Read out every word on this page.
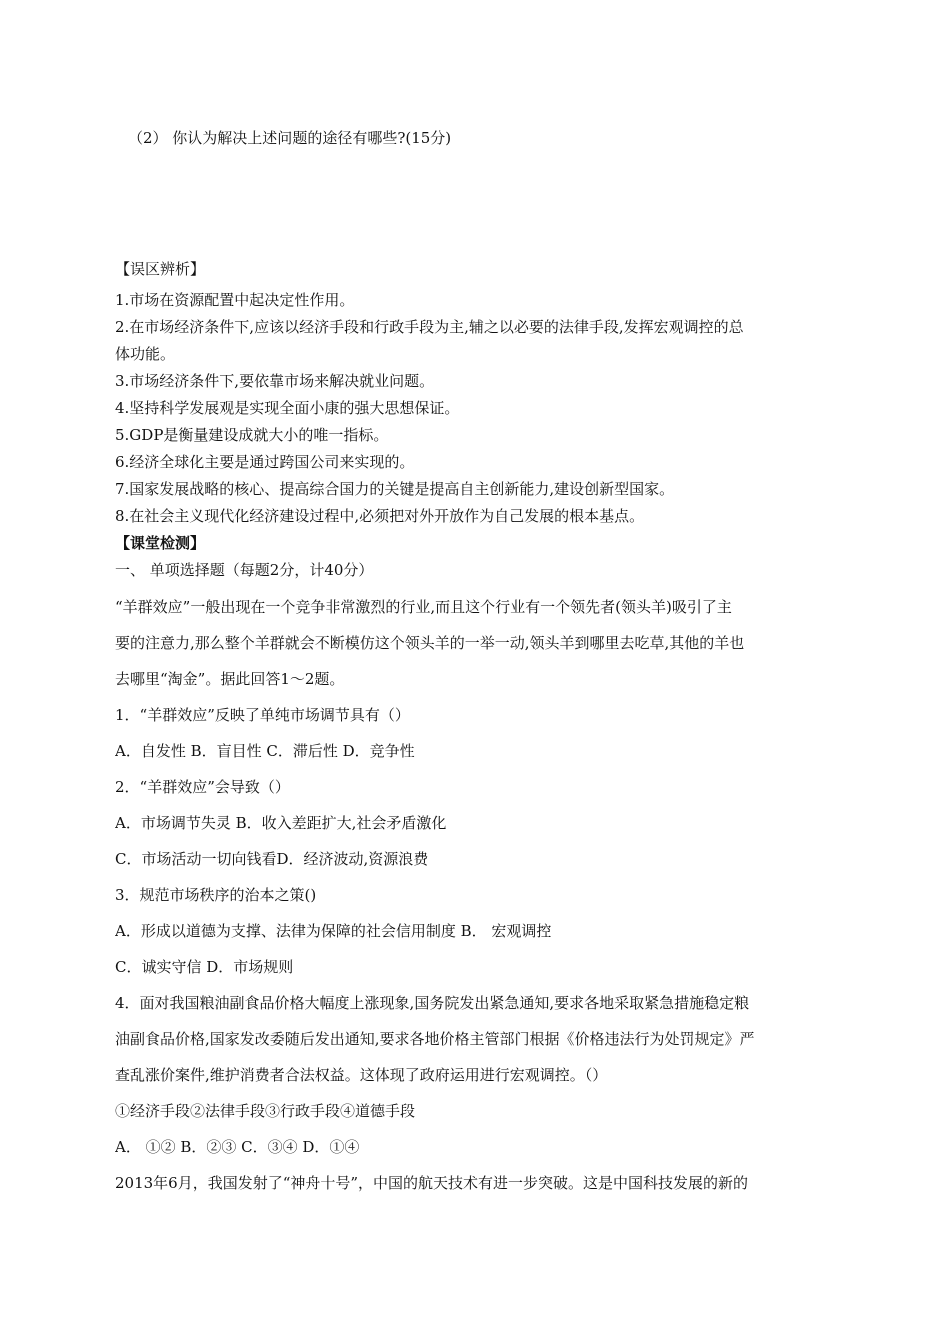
（2） 你认为解决上述问题的途径有哪些?(15分)
【误区辨析】
1.市场在资源配置中起决定性作用。
2.在市场经济条件下,应该以经济手段和行政手段为主,辅之以必要的法律手段,发挥宏观调控的总
体功能。
3.市场经济条件下,要依靠市场来解决就业问题。
4.坚持科学发展观是实现全面小康的强大思想保证。
5.GDP是衡量建设成就大小的唯一指标。
6.经济全球化主要是通过跨国公司来实现的。
7.国家发展战略的核心、提高综合国力的关键是提高自主创新能力,建设创新型国家。
8.在社会主义现代化经济建设过程中,必须把对外开放作为自己发展的根本基点。
【课堂检测】
一、 单项选择题（每题2分，计40分）
“羊群效应”一般出现在一个竞争非常激烈的行业,而且这个行业有一个领先者(领头羊)吸引了主
要的注意力,那么整个羊群就会不断模仿这个领头羊的一举一动,领头羊到哪里去吃草,其他的羊也
去哪里“淘金”。据此回答1～2题。
1．“羊群效应”反映了单纯市场调节具有（）
A．自发性 B．盲目性 C．滞后性 D．竞争性
2．“羊群效应”会导致（）
A．市场调节失灵 B．收入差距扩大,社会矛盾激化
C．市场活动一切向钱看D．经济波动,资源浪费
3．规范市场秩序的治本之策()
A．形成以道德为支撑、法律为保障的社会信用制度 B． 宏观调控
C．诚实守信 D．市场规则
4．面对我国粮油副食品价格大幅度上涨现象,国务院发出紧急通知,要求各地采取紧急措施稳定粮
油副食品价格,国家发改委随后发出通知,要求各地价格主管部门根据《价格违法行为处罚规定》严
查乱涨价案件,维护消费者合法权益。这体现了政府运用进行宏观调控。（）
①经济手段②法律手段③行政手段④道德手段
A． ①② B．②③ C．③④ D．①④
2013年6月，我国发射了“神舟十号”，中国的航天技术有进一步突破。这是中国科技发展的新的
